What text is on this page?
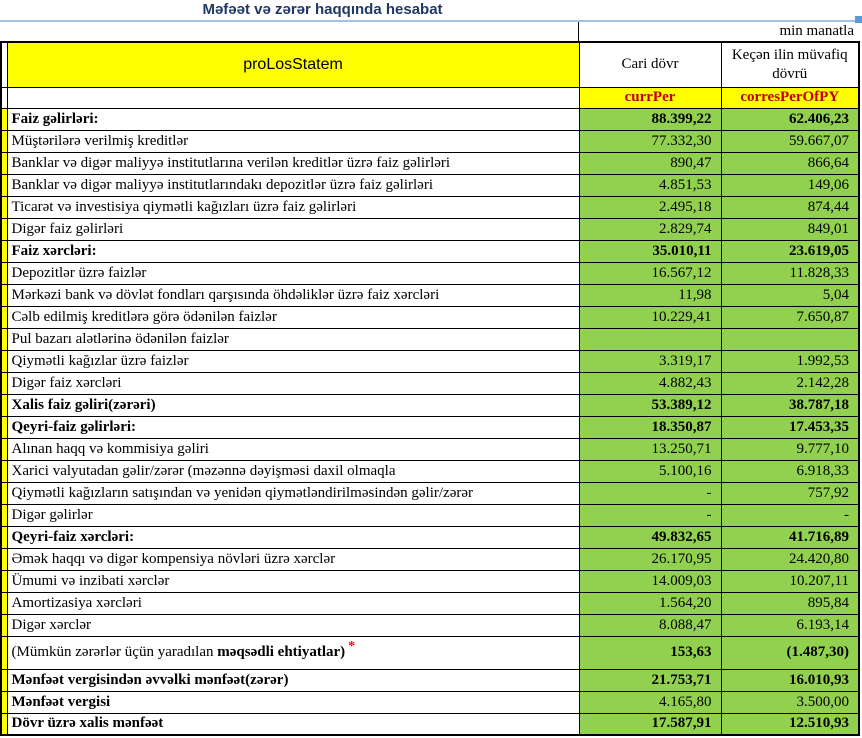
Məfəət və zərər haqqında hesabat
min manatla
	proLosStatem	Cari dövr	Keçən ilin müvafiq dövrü
		currPer	corresPerOfPY
	Faiz gəlirləri:	88.399,22	62.406,23
	Müştərilərə verilmiş kreditlər	77.332,30	59.667,07
	Banklar və digər maliyyə institutlarına verilən kreditlər üzrə faiz gəlirləri	890,47	866,64
	Banklar və digər maliyyə institutlarındakı depozitlər üzrə faiz gəlirləri	4.851,53	149,06
	Ticarət və investisiya qiymətli kağızları üzrə faiz gəlirləri	2.495,18	874,44
	Digər faiz gəlirləri	2.829,74	849,01
	Faiz xərcləri:	35.010,11	23.619,05
	Depozitlər üzrə faizlər	16.567,12	11.828,33
	Mərkəzi bank və dövlət fondları qarşısında öhdəliklər üzrə faiz xərcləri	11,98	5,04
	Cəlb edilmiş kreditlərə görə ödənilən faizlər	10.229,41	7.650,87
	Pul bazarı alətlərinə ödənilən faizlər		
	Qiymətli kağızlar üzrə faizlər	3.319,17	1.992,53
	Digər faiz xərcləri	4.882,43	2.142,28
	Xalis faiz gəliri(zərəri)	53.389,12	38.787,18
	Qeyri-faiz gəlirləri:	18.350,87	17.453,35
	Alınan haqq və kommisiya gəliri	13.250,71	9.777,10
	Xarici valyutadan gəlir/zərər (məzənnə dəyişməsi daxil olmaqla	5.100,16	6.918,33
	Qiymətli kağızların satışından və yenidən qiymətləndirilməsindən gəlir/zərər	-	757,92
	Digər gəlirlər	-	-
	Qeyri-faiz xərcləri:	49.832,65	41.716,89
	Əmək haqqı və digər kompensiya növləri üzrə xərclər	26.170,95	24.420,80
	Ümumi və inzibati xərclər	14.009,03	10.207,11
	Amortizasiya xərcləri	1.564,20	895,84
	Digər xərclər	8.088,47	6.193,14
	(Mümkün zərərlər üçün yaradılan məqsədli ehtiyatlar) *	153,63	(1.487,30)
	Mənfəət vergisindən əvvəlki mənfəət(zərər)	21.753,71	16.010,93
	Mənfəət vergisi	4.165,80	3.500,00
	Dövr üzrə xalis mənfəət	17.587,91	12.510,93
